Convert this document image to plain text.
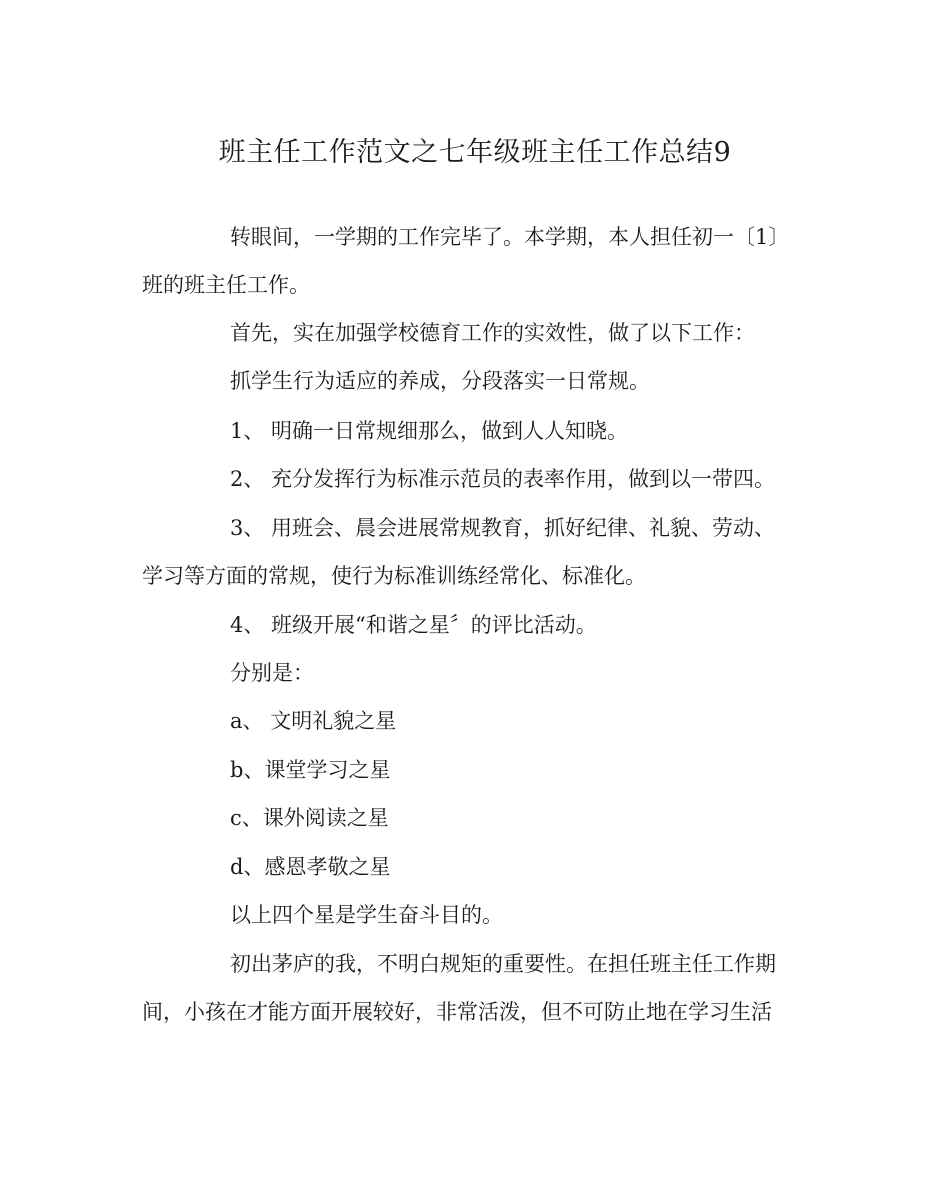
班主任工作范文之七年级班主任工作总结9
转眼间，一学期的工作完毕了。本学期，本人担任初一〔1〕
班的班主任工作。
首先，实在加强学校德育工作的实效性，做了以下工作：
抓学生行为适应的养成，分段落实一日常规。
1、 明确一日常规细那么，做到人人知晓。
2、 充分发挥行为标准示范员的表率作用，做到以一带四。
3、 用班会、晨会进展常规教育，抓好纪律、礼貌、劳动、
学习等方面的常规，使行为标准训练经常化、标准化。
4、 班级开展“和谐之星〞的评比活动。
分别是：
a、 文明礼貌之星
b、课堂学习之星
c、课外阅读之星
d、感恩孝敬之星
以上四个星是学生奋斗目的。
初出茅庐的我，不明白规矩的重要性。在担任班主任工作期
间，小孩在才能方面开展较好，非常活泼，但不可防止地在学习生活
